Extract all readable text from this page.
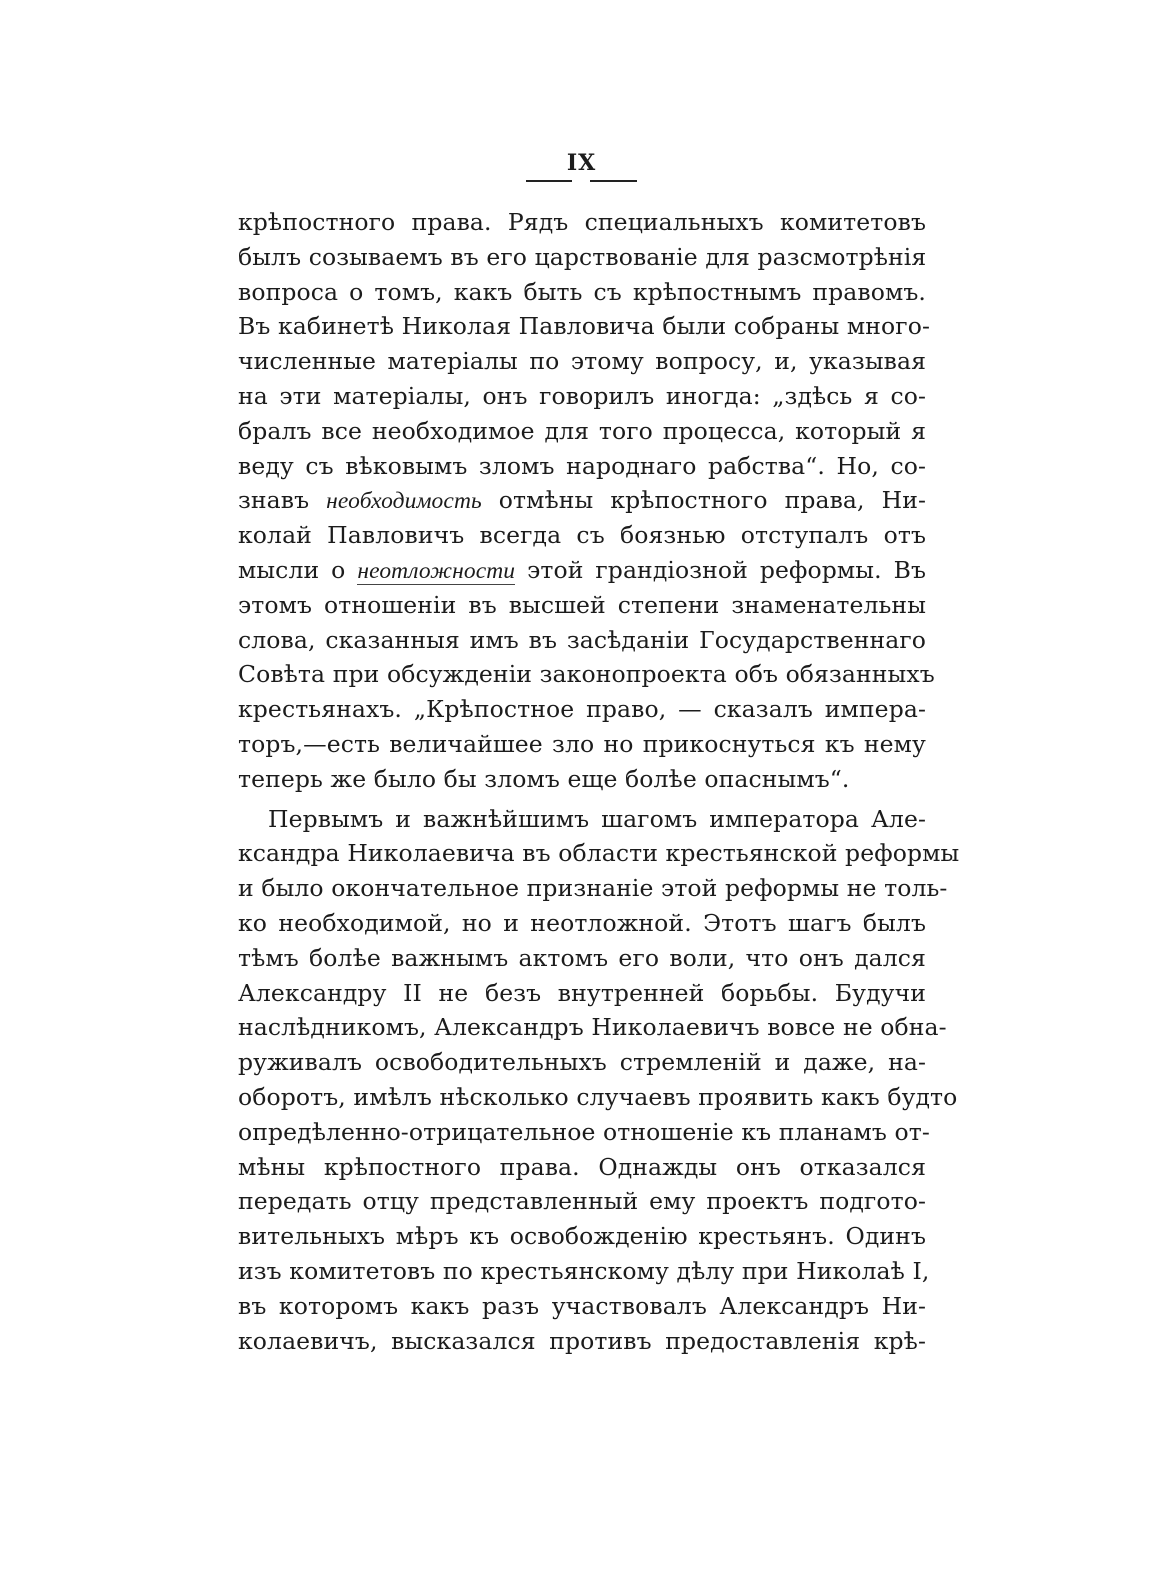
IX
крѣпостного права. Рядъ специальныхъ комитетовъ
былъ созываемъ въ его царствованіе для разсмотрѣнія
вопроса о томъ, какъ быть съ крѣпостнымъ правомъ.
Въ кабинетѣ Николая Павловича были собраны много-
численные матеріалы по этому вопросу, и, указывая
на эти матеріалы, онъ говорилъ иногда: „здѣсь я со-
бралъ все необходимое для того процесса, который я
веду съ вѣковымъ зломъ народнаго рабства“. Но, со-
знавъ необходимость отмѣны крѣпостного права, Ни-
колай Павловичъ всегда съ боязнью отступалъ отъ
мысли о неотложности этой грандіозной реформы. Въ
этомъ отношеніи въ высшей степени знаменательны
слова, сказанныя имъ въ засѣданіи Государственнаго
Совѣта при обсужденіи законопроекта объ обязанныхъ
крестьянахъ. „Крѣпостное право, — сказалъ импера-
торъ,—есть величайшее зло но прикоснуться къ нему
теперь же было бы зломъ еще болѣе опаснымъ“.
Первымъ и важнѣйшимъ шагомъ императора Але-
ксандра Николаевича въ области крестьянской реформы
и было окончательное признаніе этой реформы не толь-
ко необходимой, но и неотложной. Этотъ шагъ былъ
тѣмъ болѣе важнымъ актомъ его воли, что онъ дался
Александру II не безъ внутренней борьбы. Будучи
наслѣдникомъ, Александръ Николаевичъ вовсе не обна-
руживалъ освободительныхъ стремленій и даже, на-
оборотъ, имѣлъ нѣсколько случаевъ проявить какъ будто
опредѣленно-отрицательное отношеніе къ планамъ от-
мѣны крѣпостного права. Однажды онъ отказался
передать отцу представленный ему проектъ подгото-
вительныхъ мѣръ къ освобожденію крестьянъ. Одинъ
изъ комитетовъ по крестьянскому дѣлу при Николаѣ I,
въ которомъ какъ разъ участвовалъ Александръ Ни-
колаевичъ, высказался противъ предоставленія крѣ-
